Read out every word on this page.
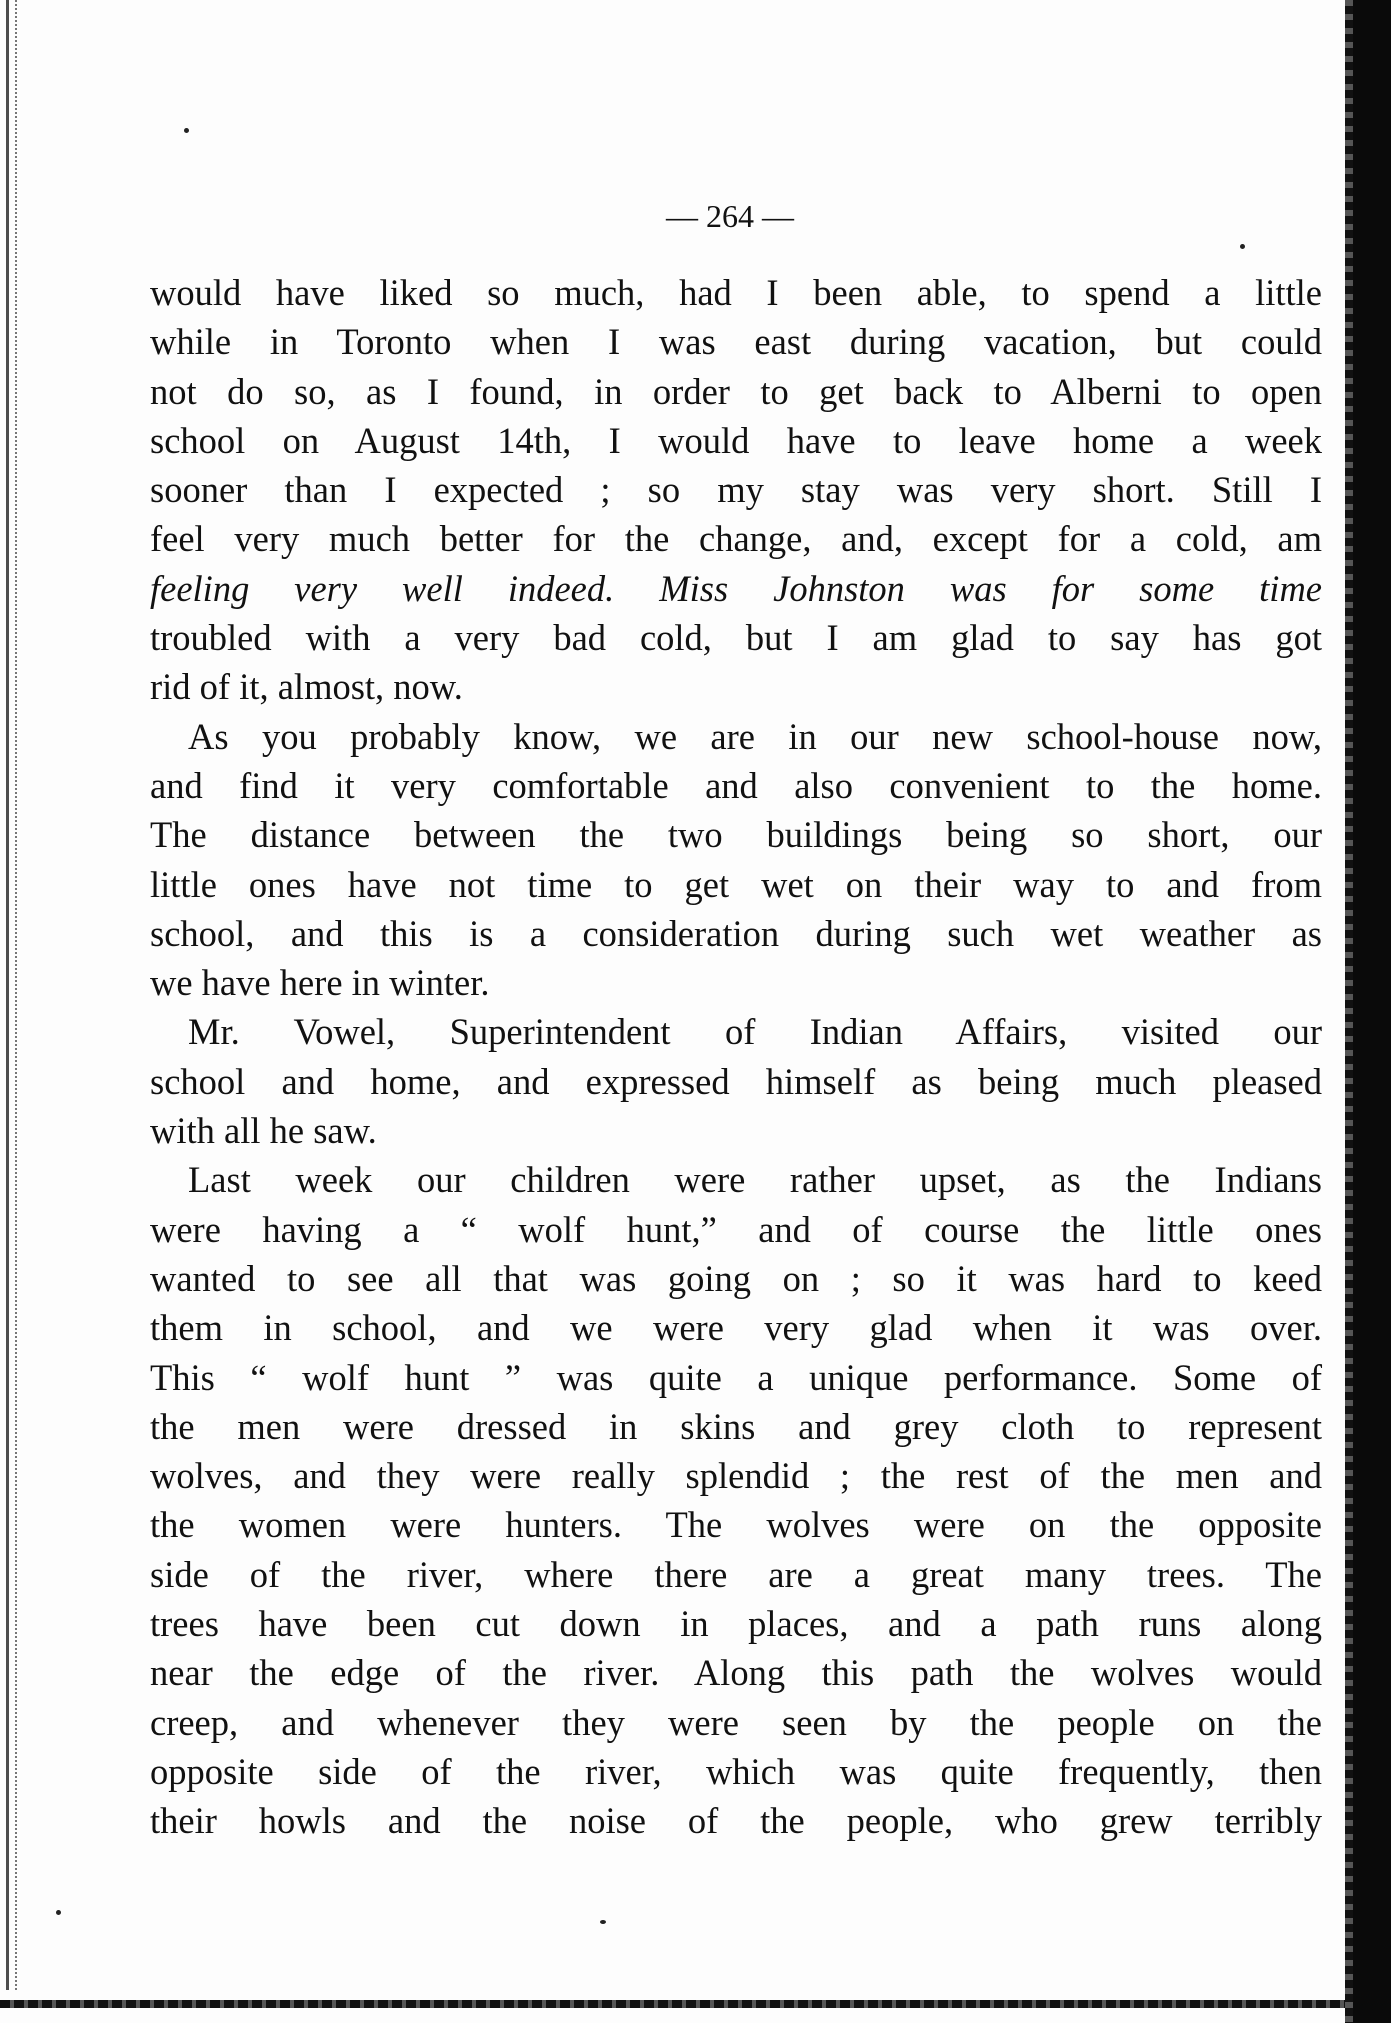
— 264 —
would have liked so much, had I been able, to spend a little
while in Toronto when I was east during vacation, but could
not do so, as I found, in order to get back to Alberni to open
school on August 14th, I would have to leave home a week
sooner than I expected ; so my stay was very short. Still I
feel very much better for the change, and, except for a cold, am
feeling very well indeed. Miss Johnston was for some time
troubled with a very bad cold, but I am glad to say has got
rid of it, almost, now.
As you probably know, we are in our new school-house now,
and find it very comfortable and also convenient to the home.
The distance between the two buildings being so short, our
little ones have not time to get wet on their way to and from
school, and this is a consideration during such wet weather as
we have here in winter.
Mr. Vowel, Superintendent of Indian Affairs, visited our
school and home, and expressed himself as being much pleased
with all he saw.
Last week our children were rather upset, as the Indians
were having a “ wolf hunt,” and of course the little ones
wanted to see all that was going on ; so it was hard to keed
them in school, and we were very glad when it was over.
This “ wolf hunt ” was quite a unique performance. Some of
the men were dressed in skins and grey cloth to represent
wolves, and they were really splendid ; the rest of the men and
the women were hunters. The wolves were on the opposite
side of the river, where there are a great many trees. The
trees have been cut down in places, and a path runs along
near the edge of the river. Along this path the wolves would
creep, and whenever they were seen by the people on the
opposite side of the river, which was quite frequently, then
their howls and the noise of the people, who grew terribly
